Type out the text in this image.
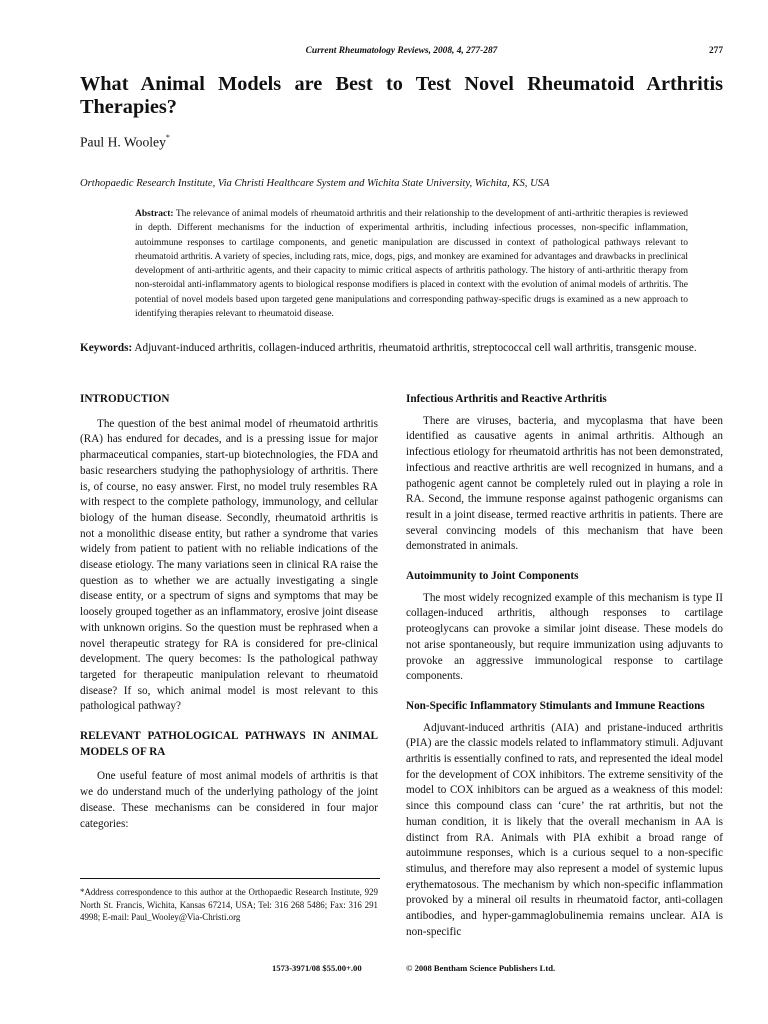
Current Rheumatology Reviews, 2008, 4, 277-287	277
What Animal Models are Best to Test Novel Rheumatoid Arthritis Therapies?
Paul H. Wooley*
Orthopaedic Research Institute, Via Christi Healthcare System and Wichita State University, Wichita, KS, USA

Abstract: The relevance of animal models of rheumatoid arthritis and their relationship to the development of anti-arthritic therapies is reviewed in depth. Different mechanisms for the induction of experimental arthritis, including infectious processes, non-specific inflammation, autoimmune responses to cartilage components, and genetic manipulation are discussed in context of pathological pathways relevant to rheumatoid arthritis. A variety of species, including rats, mice, dogs, pigs, and monkey are examined for advantages and drawbacks in preclinical development of anti-arthritic agents, and their capacity to mimic critical aspects of arthritis pathology. The history of anti-arthritic therapy from non-steroidal anti-inflammatory agents to biological response modifiers is placed in context with the evolution of animal models of arthritis. The potential of novel models based upon targeted gene manipulations and corresponding pathway-specific drugs is examined as a new approach to identifying therapies relevant to rheumatoid disease.

Keywords: Adjuvant-induced arthritis, collagen-induced arthritis, rheumatoid arthritis, streptococcal cell wall arthritis, transgenic mouse.

INTRODUCTION

The question of the best animal model of rheumatoid arthritis (RA) has endured for decades, and is a pressing issue for major pharmaceutical companies, start-up biotechnologies, the FDA and basic researchers studying the pathophysiology of arthritis. There is, of course, no easy answer. First, no model truly resembles RA with respect to the complete pathology, immunology, and cellular biology of the human disease. Secondly, rheumatoid arthritis is not a monolithic disease entity, but rather a syndrome that varies widely from patient to patient with no reliable indications of the disease etiology. The many variations seen in clinical RA raise the question as to whether we are actually investigating a single disease entity, or a spectrum of signs and symptoms that may be loosely grouped together as an inflammatory, erosive joint disease with unknown origins. So the question must be rephrased when a novel therapeutic strategy for RA is considered for pre-clinical development. The query becomes: Is the pathological pathway targeted for therapeutic manipulation relevant to rheumatoid disease? If so, which animal model is most relevant to this pathological pathway?

RELEVANT PATHOLOGICAL PATHWAYS IN ANIMAL MODELS OF RA

One useful feature of most animal models of arthritis is that we do understand much of the underlying pathology of the joint disease. These mechanisms can be considered in four major categories:

Infectious Arthritis and Reactive Arthritis

There are viruses, bacteria, and mycoplasma that have been identified as causative agents in animal arthritis. Although an infectious etiology for rheumatoid arthritis has not been demonstrated, infectious and reactive arthritis are well recognized in humans, and a pathogenic agent cannot be completely ruled out in playing a role in RA. Second, the immune response against pathogenic organisms can result in a joint disease, termed reactive arthritis in patients. There are several convincing models of this mechanism that have been demonstrated in animals.

Autoimmunity to Joint Components

The most widely recognized example of this mechanism is type II collagen-induced arthritis, although responses to cartilage proteoglycans can provoke a similar joint disease. These models do not arise spontaneously, but require immunization using adjuvants to provoke an aggressive immunological response to cartilage components.

Non-Specific Inflammatory Stimulants and Immune Reactions

Adjuvant-induced arthritis (AIA) and pristane-induced arthritis (PIA) are the classic models related to inflammatory stimuli. Adjuvant arthritis is essentially confined to rats, and represented the ideal model for the development of COX inhibitors. The extreme sensitivity of the model to COX inhibitors can be argued as a weakness of this model: since this compound class can ‘cure’ the rat arthritis, but not the human condition, it is likely that the overall mechanism in AA is distinct from RA. Animals with PIA exhibit a broad range of autoimmune responses, which is a curious sequel to a non-specific stimulus, and therefore may also represent a model of systemic lupus erythematosous. The mechanism by which non-specific inflammation provoked by a mineral oil results in rheumatoid factor, anti-collagen antibodies, and hyper-gammaglobulinemia remains unclear. AIA is non-specific

*Address correspondence to this author at the Orthopaedic Research Institute, 929 North St. Francis, Wichita, Kansas 67214, USA; Tel: 316 268 5486; Fax: 316 291 4998; E-mail: Paul_Wooley@Via-Christi.org

1573-3971/08 $55.00+.00	© 2008 Bentham Science Publishers Ltd.
